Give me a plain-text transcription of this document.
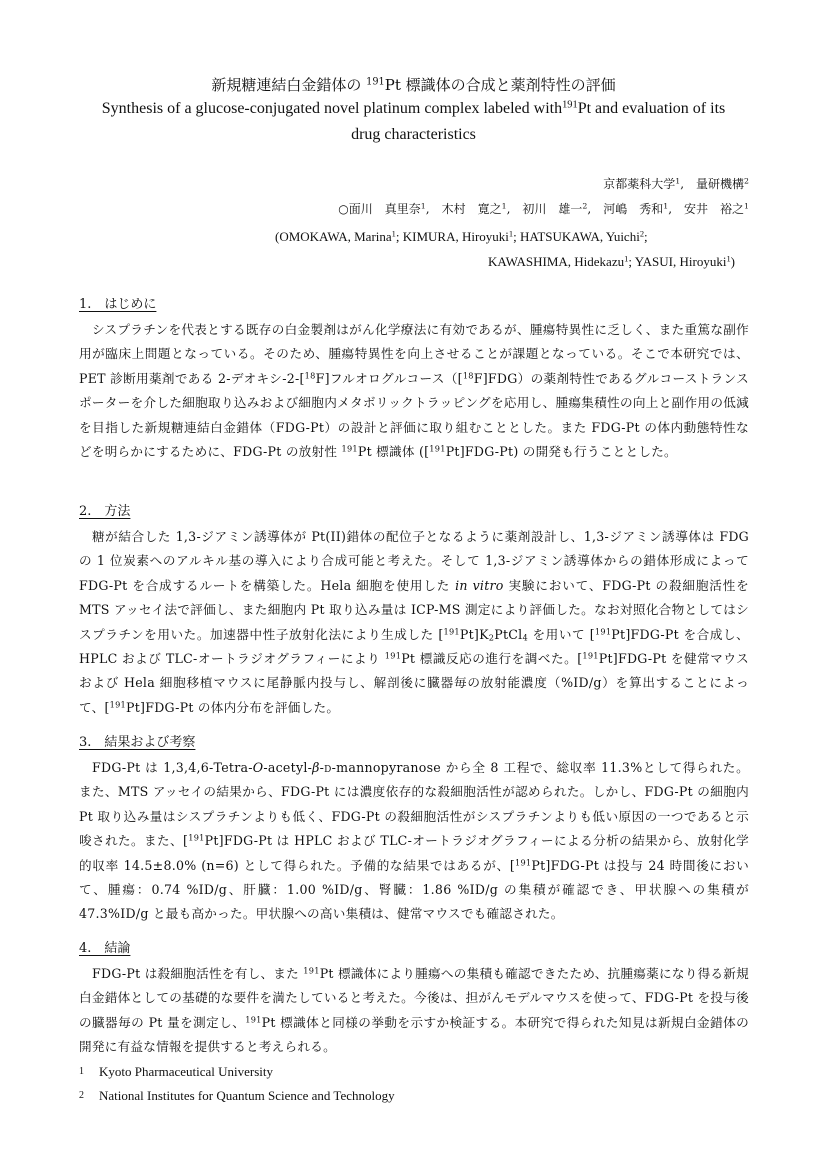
新規糖連結白金錯体の $^{191}$Pt 標識体の合成と薬剤特性の評価

Synthesis of a glucose-conjugated novel platinum complex labeled with$^{191}$Pt and evaluation of its
drug characteristics

京都薬科大学$^1$,　量研機構$^2$
○面川　真里奈$^1$,　木村　寛之$^1$,　初川　雄一$^2$,　河嶋　秀和$^1$,　安井　裕之$^1$
(OMOKAWA, Marina$^1$; KIMURA, Hiroyuki$^1$; HATSUKAWA, Yuichi$^2$;
KAWASHIMA, Hidekazu$^1$; YASUI, Hiroyuki$^1$)

1.　はじめに

シスプラチンを代表とする既存の白金製剤はがん化学療法に有効であるが、腫瘍特異性に乏しく、また重篤な副作用が臨床上問題となっている。そのため、腫瘍特異性を向上させることが課題となっている。そこで本研究では、PET 診断用薬剤である 2-デオキシ-2-[$^{18}$F]フルオログルコース（[$^{18}$F]FDG）の薬剤特性であるグルコーストランスポーターを介した細胞取り込みおよび細胞内メタボリックトラッピングを応用し、腫瘍集積性の向上と副作用の低減を目指した新規糖連結白金錯体（FDG-Pt）の設計と評価に取り組むこととした。また FDG-Pt の体内動態特性などを明らかにするために、FDG-Pt の放射性 $^{191}$Pt 標識体 ([$^{191}$Pt]FDG-Pt) の開発も行うこととした。

2.　方法

糖が結合した 1,3-ジアミン誘導体が Pt(II)錯体の配位子となるように薬剤設計し、1,3-ジアミン誘導体は FDG の 1 位炭素へのアルキル基の導入により合成可能と考えた。そして 1,3-ジアミン誘導体からの錯体形成によって FDG-Pt を合成するルートを構築した。Hela 細胞を使用した in vitro 実験において、FDG-Pt の殺細胞活性を MTS アッセイ法で評価し、また細胞内 Pt 取り込み量は ICP-MS 測定により評価した。なお対照化合物としてはシスプラチンを用いた。加速器中性子放射化法により生成した $[^{191}Pt]K_2PtCl_4$ を用いて [$^{191}$Pt]FDG-Pt を合成し、HPLC および TLC-オートラジオグラフィーにより $^{191}$Pt 標識反応の進行を調べた。[$^{191}$Pt]FDG-Pt を健常マウスおよび Hela 細胞移植マウスに尾静脈内投与し、解剖後に臓器毎の放射能濃度（%ID/g）を算出することによって、[$^{191}$Pt]FDG-Pt の体内分布を評価した。

3.　結果および考察

FDG-Pt は 1,3,4,6-Tetra-O-acetyl-β-d-mannopyranose から全 8 工程で、総収率 11.3%として得られた。また、MTS アッセイの結果から、FDG-Pt には濃度依存的な殺細胞活性が認められた。しかし、FDG-Pt の細胞内 Pt 取り込み量はシスプラチンよりも低く、FDG-Pt の殺細胞活性がシスプラチンよりも低い原因の一つであると示唆された。また、[$^{191}$Pt]FDG-Pt は HPLC および TLC-オートラジオグラフィーによる分析の結果から、放射化学的収率 14.5±8.0% (n=6) として得られた。予備的な結果ではあるが、[$^{191}$Pt]FDG-Pt は投与 24 時間後において、腫瘍：0.74 %ID/g、肝臓：1.00 %ID/g、腎臓：1.86 %ID/g の集積が確認でき、甲状腺への集積が 47.3%ID/g と最も高かった。甲状腺への高い集積は、健常マウスでも確認された。

4.　結論

FDG-Pt は殺細胞活性を有し、また $^{191}$Pt 標識体により腫瘍への集積も確認できたため、抗腫瘍薬になり得る新規白金錯体としての基礎的な要件を満たしていると考えた。今後は、担がんモデルマウスを使って、FDG-Pt を投与後の臓器毎の Pt 量を測定し、$^{191}$Pt 標識体と同様の挙動を示すか検証する。本研究で得られた知見は新規白金錯体の開発に有益な情報を提供すると考えられる。

1	Kyoto Pharmaceutical University
2	National Institutes for Quantum Science and Technology
